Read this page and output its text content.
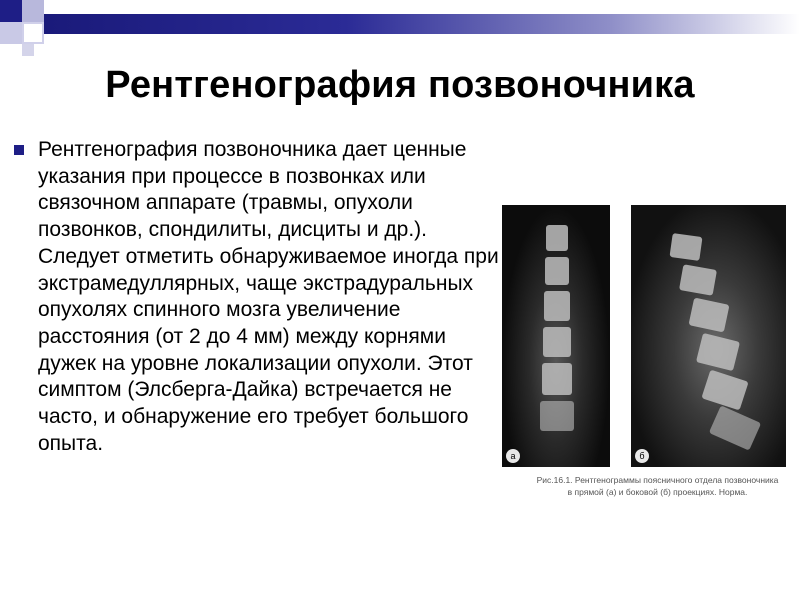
Рентгенография позвоночника
Рентгенография позвоночника дает ценные указания при процессе в позвонках или связочном аппарате (травмы, опухоли позвонков, спондилиты, дисциты и др.). Следует отметить обнаруживаемое иногда при экстрамедуллярных, чаще экстрадуральных опухолях спинного мозга увеличение расстояния (от 2 до 4 мм) между корнями дужек на уровне локализации опухоли. Этот симптом (Элсберга-Дайка) встречается не часто, и обнаружение его требует большого опыта.
а	б
Рис.16.1. Рентгенограммы поясничного отдела позвоночника
в прямой (а) и боковой (б) проекциях. Норма.
